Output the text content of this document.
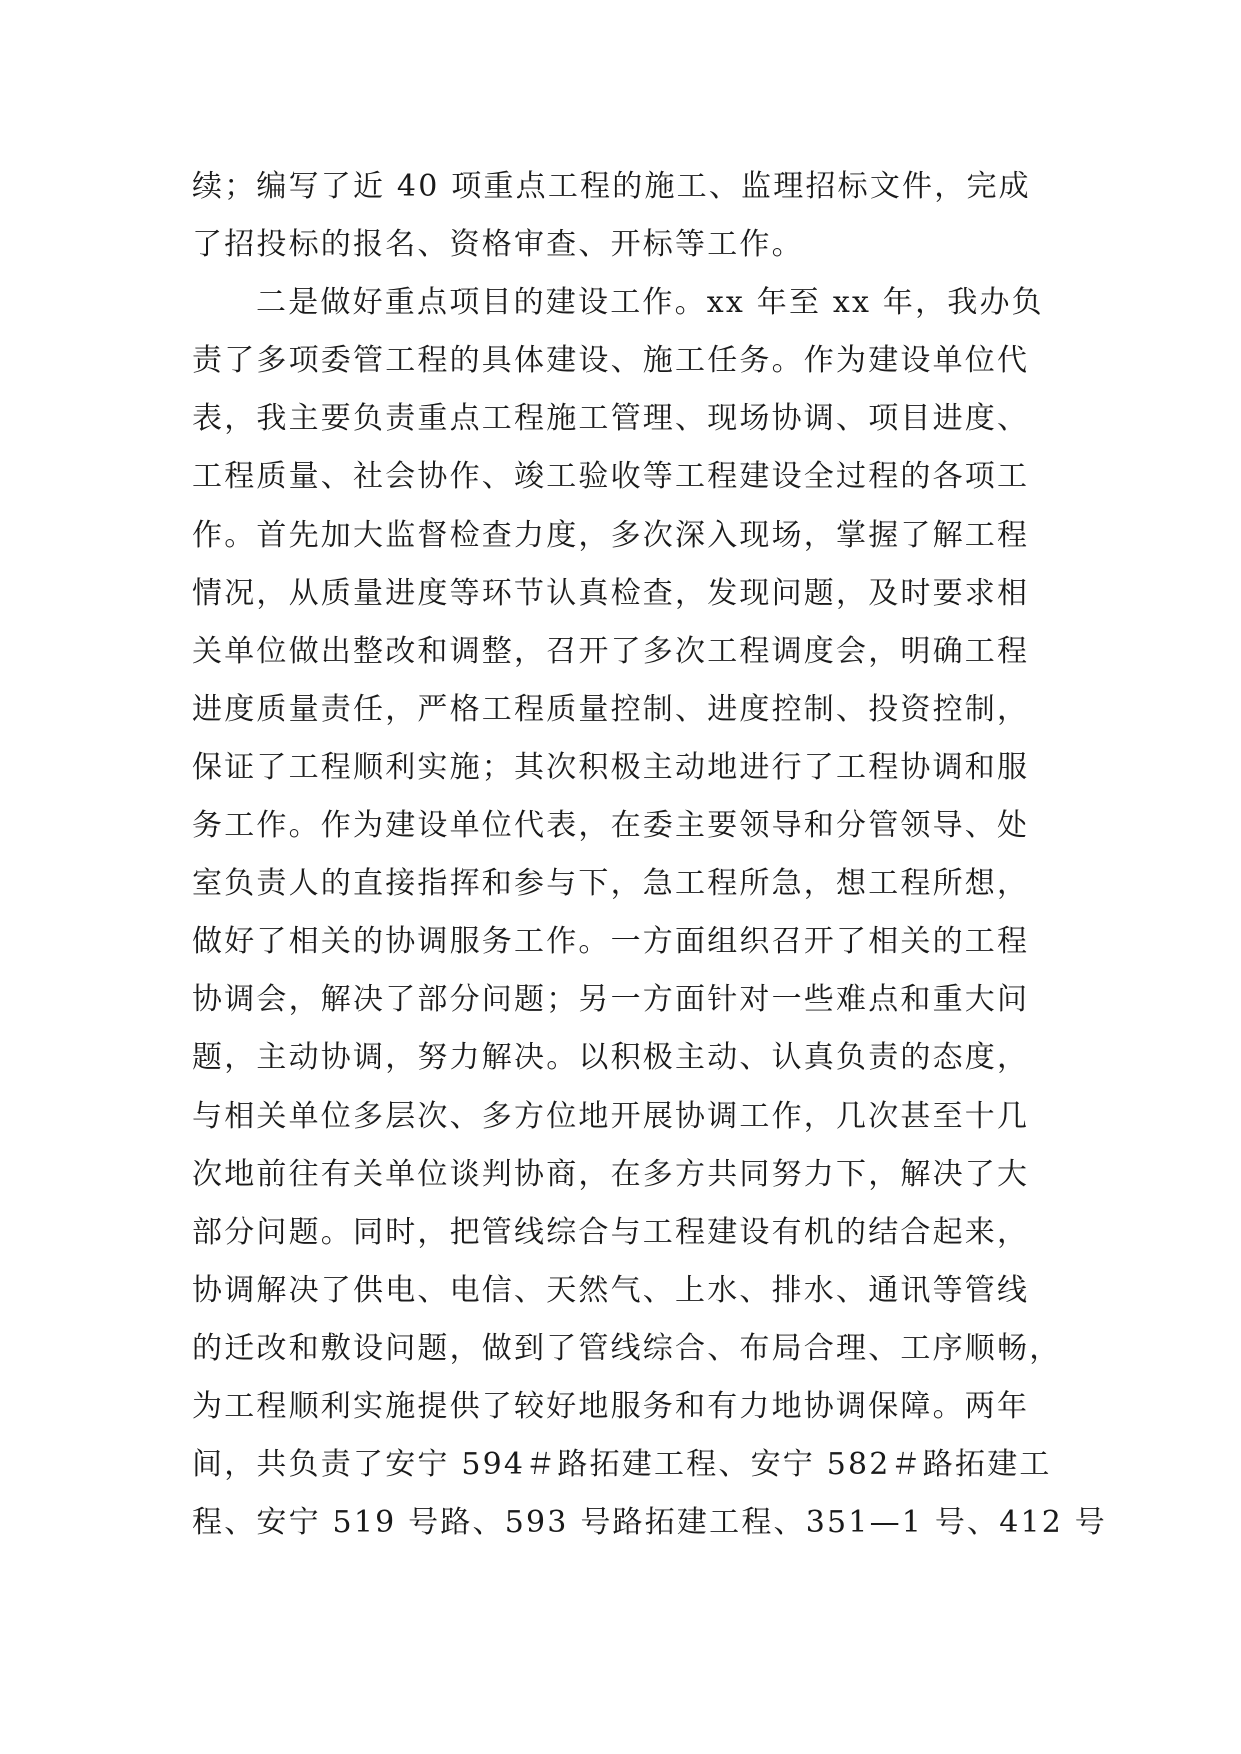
续；编写了近 40 项重点工程的施工、监理招标文件，完成
了招投标的报名、资格审查、开标等工作。
二是做好重点项目的建设工作。xx 年至 xx 年，我办负
责了多项委管工程的具体建设、施工任务。作为建设单位代
表，我主要负责重点工程施工管理、现场协调、项目进度、
工程质量、社会协作、竣工验收等工程建设全过程的各项工
作。首先加大监督检查力度，多次深入现场，掌握了解工程
情况，从质量进度等环节认真检查，发现问题，及时要求相
关单位做出整改和调整，召开了多次工程调度会，明确工程
进度质量责任，严格工程质量控制、进度控制、投资控制，
保证了工程顺利实施；其次积极主动地进行了工程协调和服
务工作。作为建设单位代表，在委主要领导和分管领导、处
室负责人的直接指挥和参与下，急工程所急，想工程所想，
做好了相关的协调服务工作。一方面组织召开了相关的工程
协调会，解决了部分问题；另一方面针对一些难点和重大问
题，主动协调，努力解决。以积极主动、认真负责的态度，
与相关单位多层次、多方位地开展协调工作，几次甚至十几
次地前往有关单位谈判协商，在多方共同努力下，解决了大
部分问题。同时，把管线综合与工程建设有机的结合起来，
协调解决了供电、电信、天然气、上水、排水、通讯等管线
的迁改和敷设问题，做到了管线综合、布局合理、工序顺畅，
为工程顺利实施提供了较好地服务和有力地协调保障。两年
间，共负责了安宁 594＃路拓建工程、安宁 582＃路拓建工
程、安宁 519 号路、593 号路拓建工程、351—1 号、412 号
